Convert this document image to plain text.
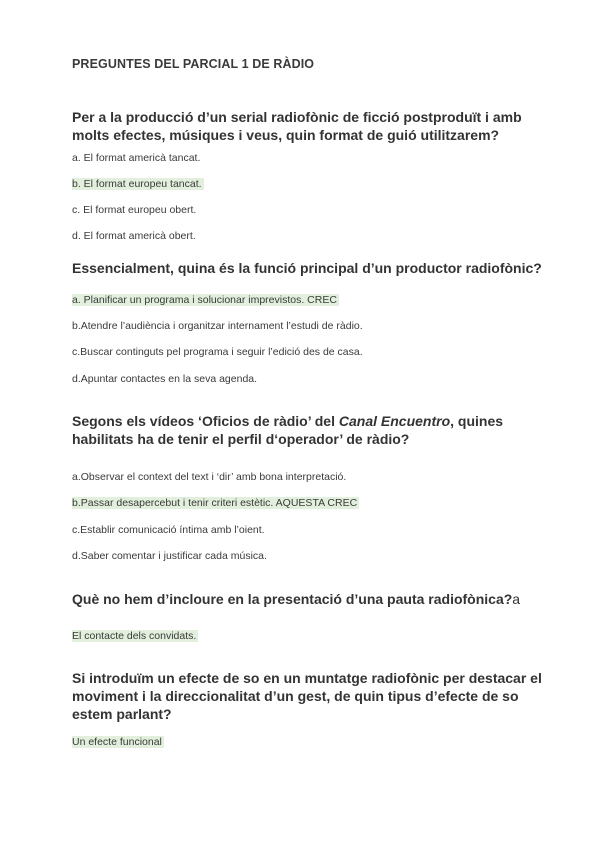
PREGUNTES DEL PARCIAL 1 DE RÀDIO
Per a la producció d’un serial radiofònic de ficció postproduït i amb
molts efectes, músiques i veus, quin format de guió utilitzarem?
a. El format americà tancat.
b. El format europeu tancat.
c. El format europeu obert.
d. El format americà obert.
Essencialment, quina és la funció principal d’un productor radiofònic?
a. Planificar un programa i solucionar imprevistos. CREC
b.Atendre l’audiència i organitzar internament l’estudi de ràdio.
c.Buscar continguts pel programa i seguir l’edició des de casa.
d.Apuntar contactes en la seva agenda.
Segons els vídeos ‘Oficios de ràdio’ del Canal Encuentro, quines
habilitats ha de tenir el perfil d‘operador’ de ràdio?
a.Observar el context del text i ‘dir’ amb bona interpretació.
b.Passar desapercebut i tenir criteri estètic. AQUESTA CREC
c.Establir comunicació íntima amb l’oient.
d.Saber comentar i justificar cada música.
Què no hem d’incloure en la presentació d’una pauta radiofònica?a
El contacte dels convidats.
Si introduïm un efecte de so en un muntatge radiofònic per destacar el
moviment i la direccionalitat d’un gest, de quin tipus d’efecte de so
estem parlant?
Un efecte funcional
